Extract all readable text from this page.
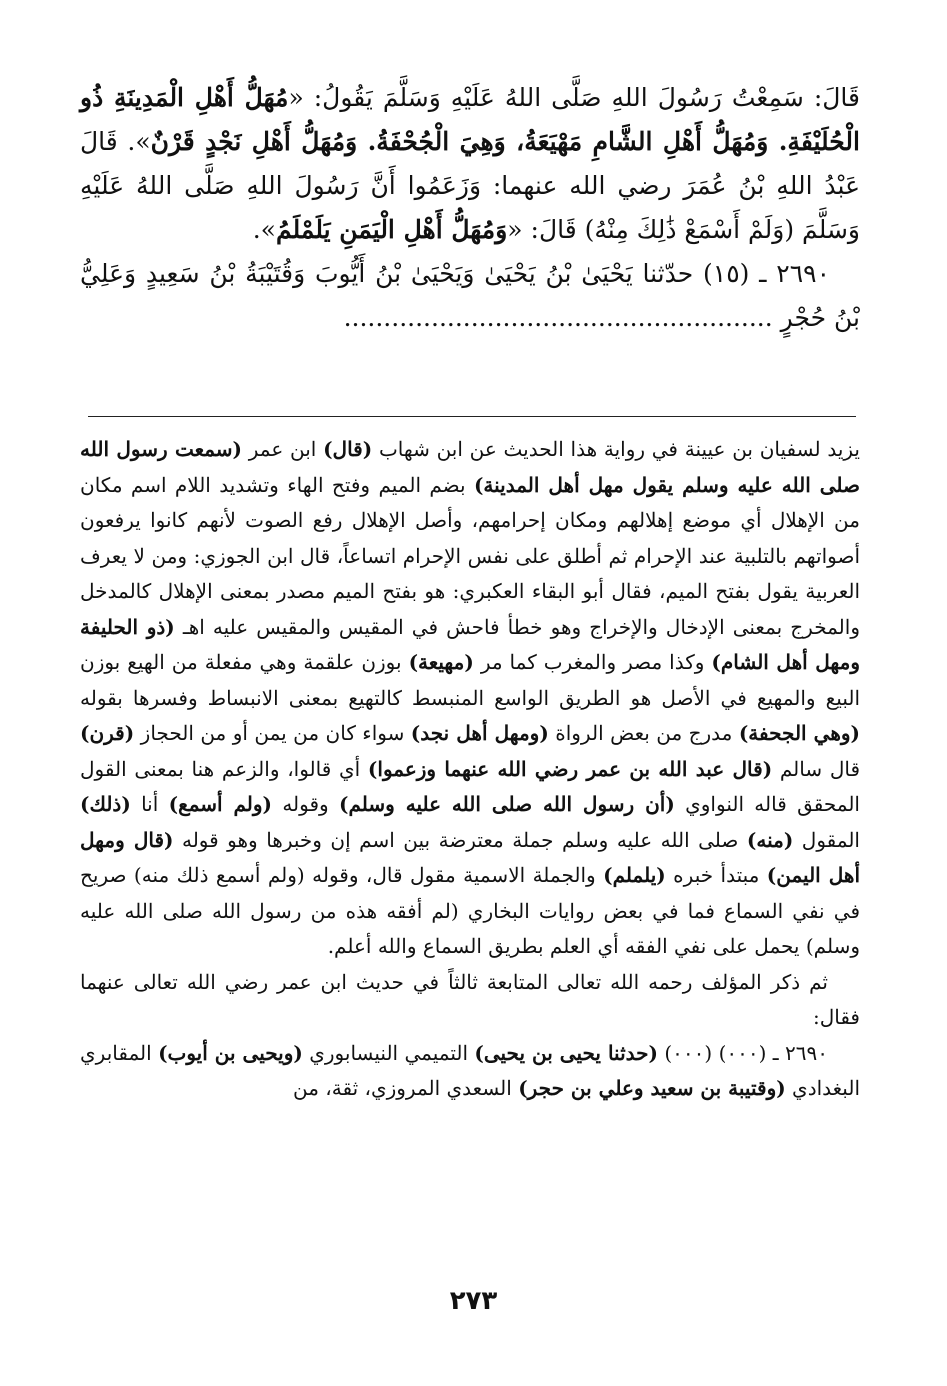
قَالَ: سَمِعْتُ رَسُولَ اللهِ صَلَّى اللهُ عَلَيْهِ وَسَلَّمَ يَقُولُ: «مُهَلُّ أَهْلِ الْمَدِينَةِ ذُو الْحُلَيْفَةِ. وَمُهَلُّ أَهْلِ الشَّامِ مَهْيَعَةُ، وَهِيَ الْجُحْفَةُ. وَمُهَلُّ أَهْلِ نَجْدٍ قَرْنٌ». قَالَ عَبْدُ اللهِ بْنُ عُمَرَ رضي الله عنهما: وَزَعَمُوا أَنَّ رَسُولَ اللهِ صَلَّى اللهُ عَلَيْهِ وَسَلَّمَ (وَلَمْ أَسْمَعْ ذَٰلِكَ مِنْهُ) قَالَ: «وَمُهَلُّ أَهْلِ الْيَمَنِ يَلَمْلَمُ».

٢٦٩٠ ـ (١٥) حدّثنا يَحْيَىٰ بْنُ يَحْيَىٰ وَيَحْيَىٰ بْنُ أَيُّوبَ وَقُتَيْبَةُ بْنُ سَعِيدٍ وَعَلِيُّ بْنُ حُجْرٍ ......................................................

يزيد لسفيان بن عيينة في رواية هذا الحديث عن ابن شهاب (قال) ابن عمر (سمعت رسول الله صلى الله عليه وسلم يقول مهل أهل المدينة) بضم الميم وفتح الهاء وتشديد اللام اسم مكان من الإهلال أي موضع إهلالهم ومكان إحرامهم، وأصل الإهلال رفع الصوت لأنهم كانوا يرفعون أصواتهم بالتلبية عند الإحرام ثم أطلق على نفس الإحرام اتساعاً، قال ابن الجوزي: ومن لا يعرف العربية يقول بفتح الميم، فقال أبو البقاء العكبري: هو بفتح الميم مصدر بمعنى الإهلال كالمدخل والمخرج بمعنى الإدخال والإخراج وهو خطأ فاحش في المقيس والمقيس عليه اهـ (ذو الحليفة ومهل أهل الشام) وكذا مصر والمغرب كما مر (مهيعة) بوزن علقمة وهي مفعلة من الهيع بوزن البيع والمهيع في الأصل هو الطريق الواسع المنبسط كالتهيع بمعنى الانبساط وفسرها بقوله (وهي الجحفة) مدرج من بعض الرواة (ومهل أهل نجد) سواء كان من يمن أو من الحجاز (قرن) قال سالم (قال عبد الله بن عمر رضي الله عنهما وزعموا) أي قالوا، والزعم هنا بمعنى القول المحقق قاله النواوي (أن رسول الله صلى الله عليه وسلم) وقوله (ولم أسمع) أنا (ذلك) المقول (منه) صلى الله عليه وسلم جملة معترضة بين اسم إن وخبرها وهو قوله (قال ومهل أهل اليمن) مبتدأ خبره (يلملم) والجملة الاسمية مقول قال، وقوله (ولم أسمع ذلك منه) صريح في نفي السماع فما في بعض روايات البخاري (لم أفقه هذه من رسول الله صلى الله عليه وسلم) يحمل على نفي الفقه أي العلم بطريق السماع والله أعلم.

ثم ذكر المؤلف رحمه الله تعالى المتابعة ثالثاً في حديث ابن عمر رضي الله تعالى عنهما فقال:

٢٦٩٠ ـ (٠٠٠) (٠٠٠) (حدثنا يحيى بن يحيى) التميمي النيسابوري (ويحيى بن أيوب) المقابري البغدادي (وقتيبة بن سعيد وعلي بن حجر) السعدي المروزي، ثقة، من

٢٧٣
